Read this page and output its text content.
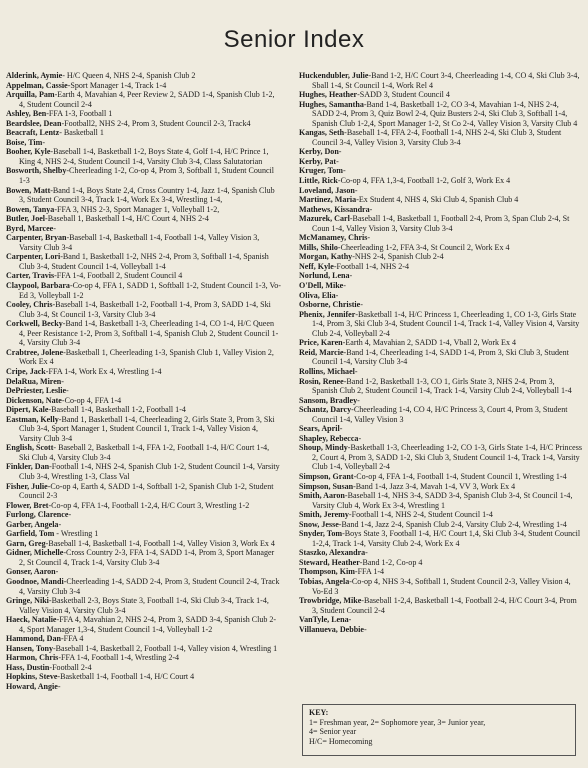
Senior Index

Alderink, Aymie- H/C Queen 4, NHS 2-4, Spanish Club 2

Appelman, Cassie-Sport Manager 1-4, Track 1-4

Arquilla, Pam-Earth 4, Mavahian 4, Peer Review 2, SADD 1-4, Spanish Club 1-2, 4, Student Council 2-4

Ashley, Ben-FFA 1-3, Football 1

Beardslee, Dean-Football2, NHS 2-4, Prom 3, Student Council 2-3, Track4

Beacraft, Lentz- Basketball 1

Boise, Tim-

Booher, Kyle-Baseball 1-4, Basketball 1-2, Boys State 4, Golf 1-4, H/C Prince 1, King 4, NHS 2-4, Student Council 1-4, Varsity Club 3-4, Class Salutatorian

Bosworth, Shelby-Cheerleading 1-2, Co-op 4, Prom 3, Softball 1, Student Council 1-3

Bowen, Matt-Band 1-4, Boys State 2,4, Cross Country 1-4, Jazz 1-4, Spanish Club 3, Student Council 3-4, Track 1-4, Work Ex 3-4, Wrestling 1-4,

Bowen, Tanya-FFA 3, NHS 2-3, Sport Manager 1, Volleyball 1-2,

Butler, Joel-Baseball 1, Basketball 1-4, H/C Court 4, NHS 2-4

Byrd, Marcee-

Carpenter, Bryan-Baseball 1-4, Basketball 1-4, Football 1-4, Valley Vision 3, Varsity Club 3-4

Carpenter, Lori-Band 1, Basketball 1-2, NHS 2-4, Prom 3, Softball 1-4, Spanish Club 3-4, Student Council 1-4, Volleyball 1-4

Carter, Travis-FFA 1-4, Football 2, Student Council 4

Claypool, Barbara-Co-op 4, FFA 1, SADD 1, Softball 1-2, Student Council 1-3, Vo-Ed 3, Volleyball 1-2

Cooley, Chris-Baseball 1-4, Basketball 1-2, Football 1-4, Prom 3, SADD 1-4, Ski Club 3-4, St Council 1-3, Varsity Club 3-4

Corkwell, Becky-Band 1-4, Basketball 1-3, Cheerleading 1-4, CO 1-4, H/C Queen 4, Peer Resistance 1-2, Prom 3, Softball 1-4, Spanish Club 2, Student Council 1-4, Varsity Club 3-4

Crabtree, Jolene-Basketball 1, Cheerleading 1-3, Spanish Club 1, Valley Vision 2, Work Ex 4

Cripe, Jack-FFA 1-4, Work Ex 4, Wrestling 1-4

DelaRua, Miren-

DePriester, Leslie-

Dickenson, Nate-Co-op 4, FFA 1-4

Dipert, Kale-Baseball 1-4, Basketball 1-2, Football 1-4

Eastman, Kelly-Band 1, Basketball 1-4, Cheerleading 2, Girls State 3, Prom 3, Ski Club 3-4, Sport Manager 1, Student Council 1, Track 1-4, Valley Vision 4, Varsity Club 3-4

English, Scott- Baseball 2, Basketball 1-4, FFA 1-2, Football 1-4, H/C Court 1-4, Ski Club 4, Varsity Club 3-4

Finkler, Dan-Football 1-4, NHS 2-4, Spanish Club 1-2, Student Council 1-4, Varsity Club 3-4, Wrestling 1-3, Class Val

Fisher, Julie-Co-op 4, Earth 4, SADD 1-4, Softball 1-2, Spanish Club 1-2, Student Council 2-3

Flower, Bret-Co-op 4, FFA 1-4, Football 1-2,4, H/C Court 3, Wrestling 1-2

Furlong, Clarence-

Garber, Angela-

Garfield, Tom - Wrestling 1

Garn, Greg-Baseball 1-4, Basketball 1-4, Football 1-4, Valley Vision 3, Work Ex 4

Gidner, Michelle-Cross Country 2-3, FFA 1-4, SADD 1-4, Prom 3, Sport Manager 2, St Council 4, Track 1-4, Varsity Club 3-4

Gonser, Aaron-

Goodnoe, Mandi-Cheerleading 1-4, SADD 2-4, Prom 3, Student Council 2-4, Track 4, Varsity Club 3-4

Gringe, Niki-Basketball 2-3, Boys State 3, Football 1-4, Ski Club 3-4, Track 1-4, Valley Vision 4, Varsity Club 3-4

Haeck, Natalie-FFA 4, Mavahian 2, NHS 2-4, Prom 3, SADD 3-4, Spanish Club 2-4, Sport Manager 1,3-4, Student Council 1-4, Volleyball 1-2

Hammond, Dan-FFA 4

Hansen, Tony-Baseball 1-4, Basketball 2, Football 1-4, Valley vision 4, Wrestling 1

Harmon, Chris-FFA 1-4, Football 1-4, Wrestling 2-4

Hass, Dustin-Football 2-4

Hopkins, Steve-Basketball 1-4, Football 1-4, H/C Court 4

Howard, Angie-

Huckendubler, Julie-Band 1-2, H/C Court 3-4, Cheerleading 1-4, CO 4, Ski Club 3-4, Sball 1-4, St Council 1-4, Work Rel 4

Hughes, Heather-SADD 3, Student Council 4

Hughes, Samantha-Band 1-4, Basketball 1-2, CO 3-4, Mavahian 1-4, NHS 2-4, SADD 2-4, Prom 3, Quiz Bowl 2-4, Quiz Busters 2-4, Ski Club 3, Softball 1-4, Spanish Club 1-2,4, Sport Manager 1-2, St Co 2-4, Valley Vision 3, Varsity Club 4

Kangas, Seth-Baseball 1-4, FFA 2-4, Football 1-4, NHS 2-4, Ski Club 3, Student Council 3-4, Valley Vision 3, Varsity Club 3-4

Kerby, Don-

Kerby, Pat-

Kruger, Tom-

Little, Rick-Co-op 4, FFA 1,3-4, Football 1-2, Golf 3, Work Ex 4

Loveland, Jason-

Martinez, Maria-Ex Student 4, NHS 4, Ski Club 4, Spanish Club 4

Mathews, Kissandra-

Mazurek, Carl-Baseball 1-4, Basketball 1, Football 2-4, Prom 3, Span Club 2-4, St Coun 1-4, Valley Vision 3, Varsity Club 3-4

McManamey, Chris-

Mills, Shilo-Cheerleading 1-2, FFA 3-4, St Council 2, Work Ex 4

Morgan, Kathy-NHS 2-4, Spanish Club 2-4

Neff, Kyle-Football 1-4, NHS 2-4

Norlund, Lena-

O'Dell, Mike-

Oliva, Elia-

Osborne, Christie-

Phenix, Jennifer-Basketball 1-4, H/C Princess 1, Cheerleading 1, CO 1-3, Girls State 1-4, Prom 3, Ski Club 3-4, Student Council 1-4, Track 1-4, Valley Vision 4, Varsity Club 2-4, Volleyball 2-4

Price, Karen-Earth 4, Mavahian 2, SADD 1-4, Vball 2, Work Ex 4

Reid, Marcie-Band 1-4, Cheerleading 1-4, SADD 1-4, Prom 3, Ski Club 3, Student Council 1-4, Varsity Club 3-4

Rollins, Michael-

Rosin, Renee-Band 1-2, Basketball 1-3, CO 1, Girls State 3, NHS 2-4, Prom 3, Spanish Club 2, Student Council 1-4, Track 1-4, Varsity Club 2-4, Volleyball 1-4

Sansom, Bradley-

Schantz, Darcy-Cheerleading 1-4, CO 4, H/C Princess 3, Court 4, Prom 3, Student Council 1-4, Valley Vision 3

Sears, April-

Shapley, Rebecca-

Shoup, Mindy-Basketball 1-3, Cheerleading 1-2, CO 1-3, Girls State 1-4, H/C Princess 2, Court 4, Prom 3, SADD 1-2, Ski Club 3, Student Council 1-4, Track 1-4, Varsity Club 1-4, Volleyball 2-4

Simpson, Grant-Co-op 4, FFA 1-4, Football 1-4, Student Council 1, Wrestling 1-4

Simpson, Susan-Band 1-4, Jazz 3-4, Mavah 1-4, VV 3, Work Ex 4

Smith, Aaron-Baseball 1-4, NHS 3-4, SADD 3-4, Spanish Club 3-4, St Council 1-4, Varsity Club 4, Work Ex 3-4, Wrestling 1

Smith, Jeremy-Football 1-4, NHS 2-4, Student Council 1-4

Snow, Jesse-Band 1-4, Jazz 2-4, Spanish Club 2-4, Varsity Club 2-4, Wrestling 1-4

Snyder, Tom-Boys State 3, Football 1-4, H/C Court 1,4, Ski Club 3-4, Student Council 1-2,4, Track 1-4, Varsity Club 2-4, Work Ex 4

Staszko, Alexandra-

Steward, Heather-Band 1-2, Co-op 4

Thompson, Kim-FFA 1-4

Tobias, Angela-Co-op 4, NHS 3-4, Softball 1, Student Council 2-3, Valley Vision 4, Vo-Ed 3

Trowbridge, Mike-Baseball 1-2,4, Basketball 1-4, Football 2-4, H/C Court 3-4, Prom 3, Student Council 2-4

VanTyle, Lena-

Villanueva, Debbie-

KEY:
1= Freshman year, 2= Sophomore year, 3= Junior year,
4= Senior year
H/C= Homecoming
